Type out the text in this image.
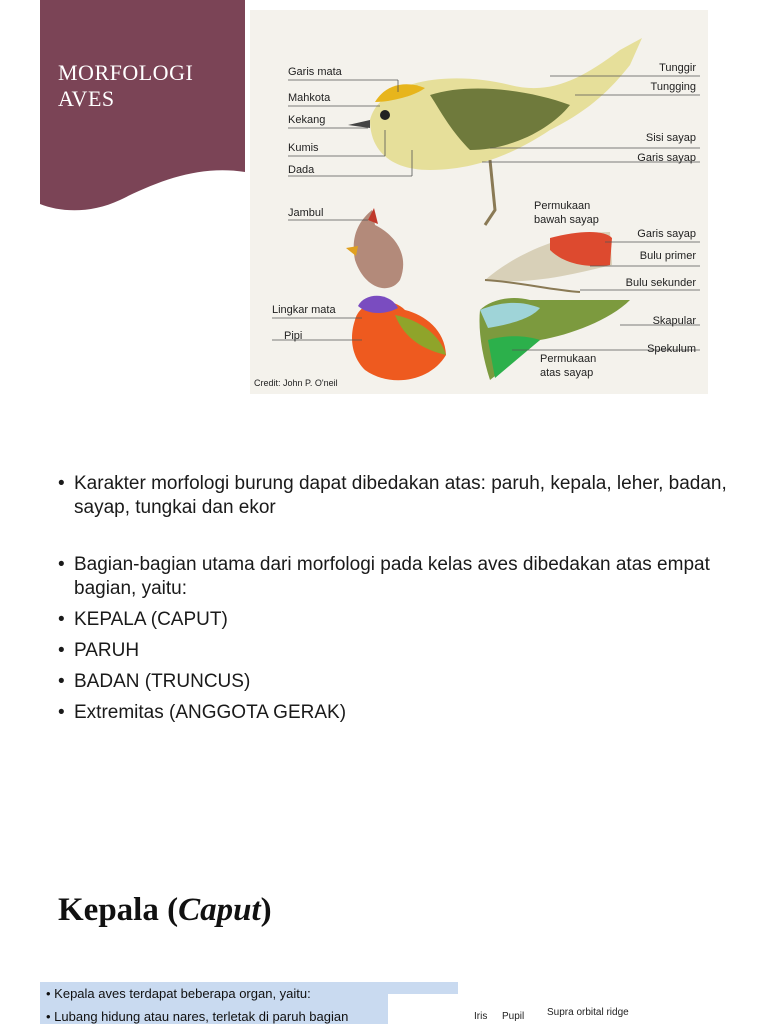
MORFOLOGI AVES
Garis mata
Mahkota
Kekang
Kumis
Dada
Jambul
Lingkar mata
Pipi
Tunggir
Tungging
Sisi sayap
Garis sayap
Permukaan
bawah sayap
Garis sayap
Bulu primer
Bulu sekunder
Skapular
Spekulum
Permukaan
atas sayap
Credit: John P. O'neil
• Karakter morfologi burung dapat dibedakan atas: paruh, kepala, leher, badan, sayap, tungkai dan ekor
• Bagian-bagian utama dari morfologi pada kelas aves dibedakan atas empat bagian, yaitu:
• KEPALA (CAPUT)
• PARUH
• BADAN (TRUNCUS)
• Extremitas (ANGGOTA GERAK)
Kepala (Caput)
• Kepala aves terdapat beberapa organ, yaitu:
• Lubang hidung atau nares, terletak di paruh bagian	Iris Pupil Supra orbital ridge
